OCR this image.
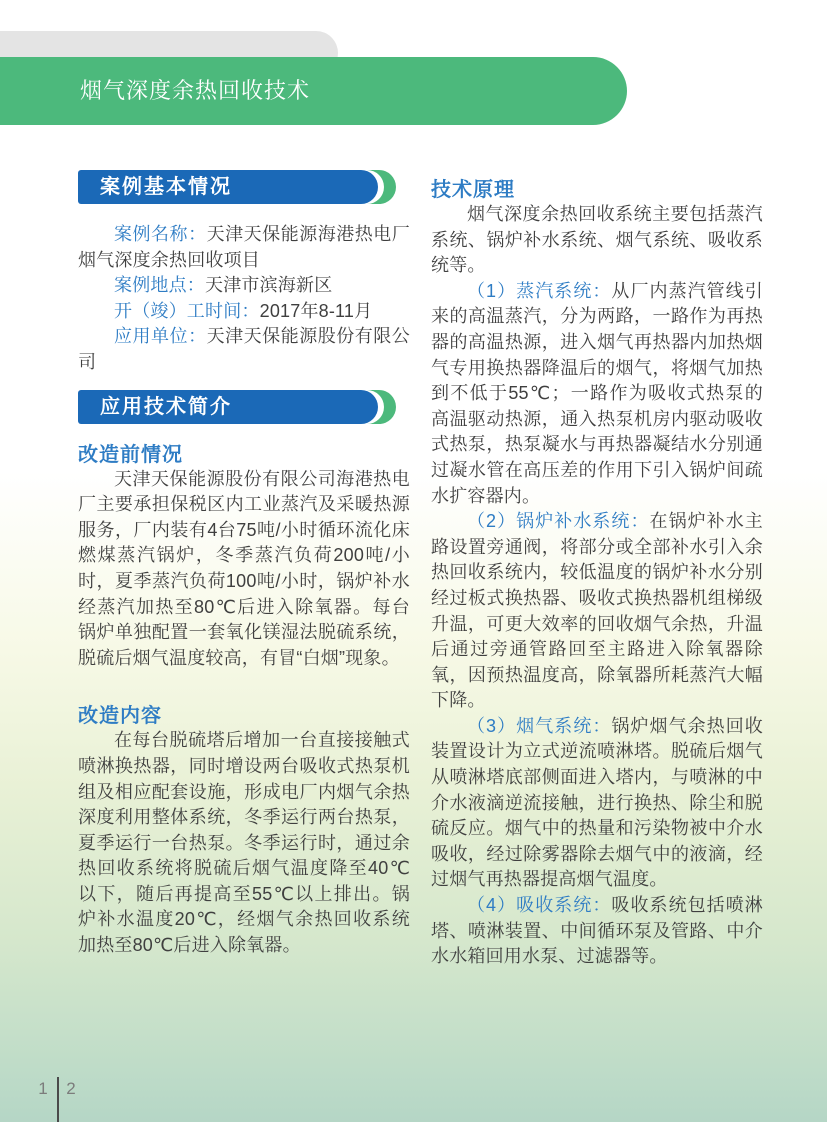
烟气深度余热回收技术
案例基本情况

案例名称：天津天保能源海港热电厂烟气深度余热回收项目

案例地点：天津市滨海新区

开（竣）工时间：2017年8-11月

应用单位：天津天保能源股份有限公司

应用技术简介
改造前情况

天津天保能源股份有限公司海港热电厂主要承担保税区内工业蒸汽及采暖热源服务，厂内装有4台75吨/小时循环流化床燃煤蒸汽锅炉，冬季蒸汽负荷200吨/小时，夏季蒸汽负荷100吨/小时，锅炉补水经蒸汽加热至80℃后进入除氧器。每台锅炉单独配置一套氧化镁湿法脱硫系统，脱硫后烟气温度较高，有冒“白烟”现象。

改造内容

在每台脱硫塔后增加一台直接接触式喷淋换热器，同时增设两台吸收式热泵机组及相应配套设施，形成电厂内烟气余热深度利用整体系统，冬季运行两台热泵，夏季运行一台热泵。冬季运行时，通过余热回收系统将脱硫后烟气温度降至40℃以下，随后再提高至55℃以上排出。锅炉补水温度20℃，经烟气余热回收系统加热至80℃后进入除氧器。

技术原理

烟气深度余热回收系统主要包括蒸汽系统、锅炉补水系统、烟气系统、吸收系统等。

（1）蒸汽系统：从厂内蒸汽管线引来的高温蒸汽，分为两路，一路作为再热器的高温热源，进入烟气再热器内加热烟气专用换热器降温后的烟气，将烟气加热到不低于55℃；一路作为吸收式热泵的高温驱动热源，通入热泵机房内驱动吸收式热泵，热泵凝水与再热器凝结水分别通过凝水管在高压差的作用下引入锅炉间疏水扩容器内。

（2）锅炉补水系统：在锅炉补水主路设置旁通阀，将部分或全部补水引入余热回收系统内，较低温度的锅炉补水分别经过板式换热器、吸收式换热器机组梯级升温，可更大效率的回收烟气余热，升温后通过旁通管路回至主路进入除氧器除氧，因预热温度高，除氧器所耗蒸汽大幅下降。

（3）烟气系统：锅炉烟气余热回收装置设计为立式逆流喷淋塔。脱硫后烟气从喷淋塔底部侧面进入塔内，与喷淋的中介水液滴逆流接触，进行换热、除尘和脱硫反应。烟气中的热量和污染物被中介水吸收，经过除雾器除去烟气中的液滴，经过烟气再热器提高烟气温度。

（4）吸收系统：吸收系统包括喷淋塔、喷淋装置、中间循环泵及管路、中介水水箱回用水泵、过滤器等。

1 2
